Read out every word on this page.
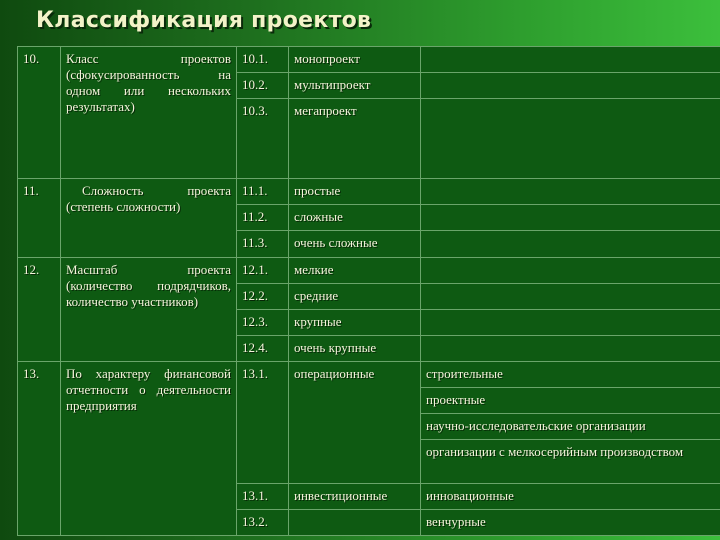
Классификация проектов
10.	Класс проектов (сфокусированность на одном или нескольких результатах)	10.1.	монопроект	
		10.2.	мультипроект	
		10.3.	мегапроект	
11.	Сложность проекта (степень сложности)	11.1.	простые	
		11.2.	сложные	
		11.3.	очень сложные	
12.	Масштаб проекта (количество подрядчиков, количество участников)	12.1.	мелкие	
		12.2.	средние	
		12.3.	крупные	
		12.4.	очень крупные	
13.	По характеру финансовой отчетности о деятельности предприятия	13.1.	операционные	строительные
				проектные
				научно-исследовательские организации
				организации с мелкосерийным производством
		13.1.	инвестиционные	инновационные
		13.2.		венчурные
